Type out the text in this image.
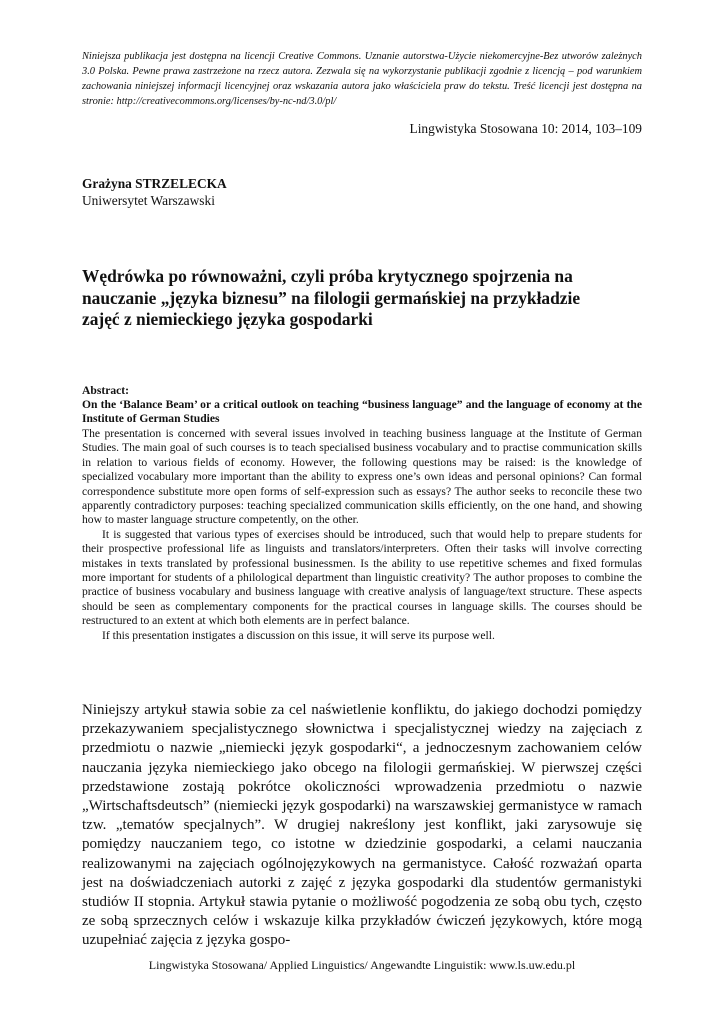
Niniejsza publikacja jest dostępna na licencji Creative Commons. Uznanie autorstwa-Użycie niekomercyjne-Bez utworów zależnych 3.0 Polska. Pewne prawa zastrzeżone na rzecz autora. Zezwala się na wykorzystanie publikacji zgodnie z licencją – pod warunkiem zachowania niniejszej informacji licencyjnej oraz wskazania autora jako właściciela praw do tekstu. Treść licencji jest dostępna na stronie: http://creativecommons.org/licenses/by-nc-nd/3.0/pl/
Lingwistyka Stosowana 10: 2014, 103–109
Grażyna STRZELECKA
Uniwersytet Warszawski
Wędrówka po równoważni, czyli próba krytycznego spojrzenia na
nauczanie „języka biznesu” na filologii germańskiej na przykładzie
zajęć z niemieckiego języka gospodarki
Abstract:
On the ‘Balance Beam’ or a critical outlook on teaching “business language” and the language of economy at the Institute of German Studies

The presentation is concerned with several issues involved in teaching business language at the Institute of German Studies. The main goal of such courses is to teach specialised business vocabulary and to practise communication skills in relation to various fields of economy. However, the following questions may be raised: is the knowledge of specialized vocabulary more important than the ability to express one’s own ideas and personal opinions? Can formal correspondence substitute more open forms of self-expression such as essays? The author seeks to reconcile these two apparently contradictory purposes: teaching specialized communication skills efficiently, on the one hand, and showing how to master language structure competently, on the other.

It is suggested that various types of exercises should be introduced, such that would help to prepare students for their prospective professional life as linguists and translators/interpreters. Often their tasks will involve correcting mistakes in texts translated by professional businessmen. Is the ability to use repetitive schemes and fixed formulas more important for students of a philological department than linguistic creativity? The author proposes to combine the practice of business vocabulary and business language with creative analysis of language/text structure. These aspects should be seen as complementary components for the practical courses in language skills. The courses should be restructured to an extent at which both elements are in perfect balance.

If this presentation instigates a discussion on this issue, it will serve its purpose well.

Niniejszy artykuł stawia sobie za cel naświetlenie konfliktu, do jakiego dochodzi pomiędzy przekazywaniem specjalistycznego słownictwa i specjalistycznej wiedzy na zajęciach z przedmiotu o nazwie „niemiecki język gospodarki“, a jednoczesnym zachowaniem celów nauczania języka niemieckiego jako obcego na filologii germańskiej. W pierwszej części przedstawione zostają pokrótce okoliczności wprowadzenia przedmiotu o nazwie „Wirtschaftsdeutsch” (niemiecki język gospodarki) na warszawskiej germanistyce w ramach tzw. „tematów specjalnych”. W drugiej nakreślony jest konflikt, jaki zarysowuje się pomiędzy nauczaniem tego, co istotne w dziedzinie gospodarki, a celami nauczania realizowanymi na zajęciach ogólnojęzykowych na germanistyce. Całość rozważań oparta jest na doświadczeniach autorki z zajęć z języka gospodarki dla studentów germanistyki studiów II stopnia. Artykuł stawia pytanie o możliwość pogodzenia ze sobą obu tych, często ze sobą sprzecznych celów i wskazuje kilka przykładów ćwiczeń językowych, które mogą uzupełniać zajęcia z języka gospo-

Lingwistyka Stosowana/ Applied Linguistics/ Angewandte Linguistik: www.ls.uw.edu.pl
